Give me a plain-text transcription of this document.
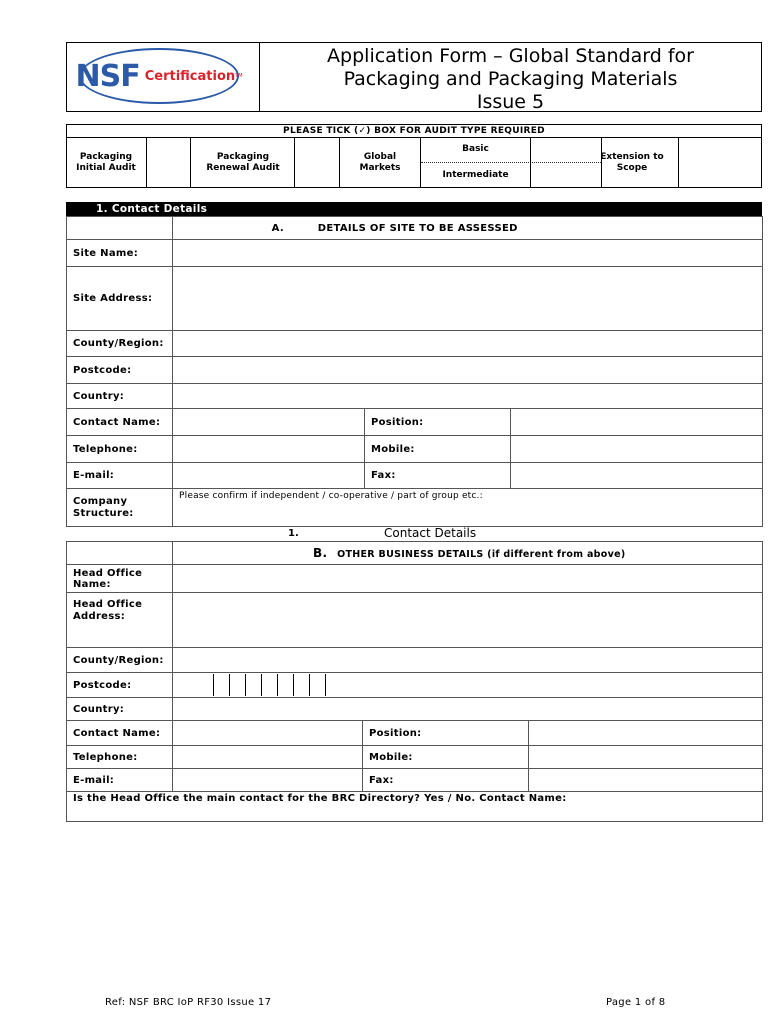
NSF Certification TM
Application Form – Global Standard for
Packaging and Packaging Materials
Issue 5
PLEASE TICK (✓) BOX FOR AUDIT TYPE REQUIRED
Packaging Initial Audit
Packaging Renewal Audit
Global Markets
Basic
Intermediate
Extension to Scope
1. Contact Details
	A. DETAILS OF SITE TO BE ASSESSED		
Site Name:			
Site Address:			
County/Region:			
Postcode:			
Country:			
Contact Name:		Position:	
Telephone:		Mobile:	
E-mail:		Fax:	
Company Structure:	Please confirm if independent / co-operative / part of group etc.:		
1.	Contact Details
	B. OTHER BUSINESS DETAILS (if different from above)		
Head Office Name:			
Head Office Address:			
County/Region:			
Postcode:			

Country:			
Contact Name:		Position:	
Telephone:		Mobile:	
E-mail:		Fax:	
Is the Head Office the main contact for the BRC Directory? Yes / No. Contact Name:			
Ref: NSF BRC IoP RF30 Issue 17	Page 1 of 8
